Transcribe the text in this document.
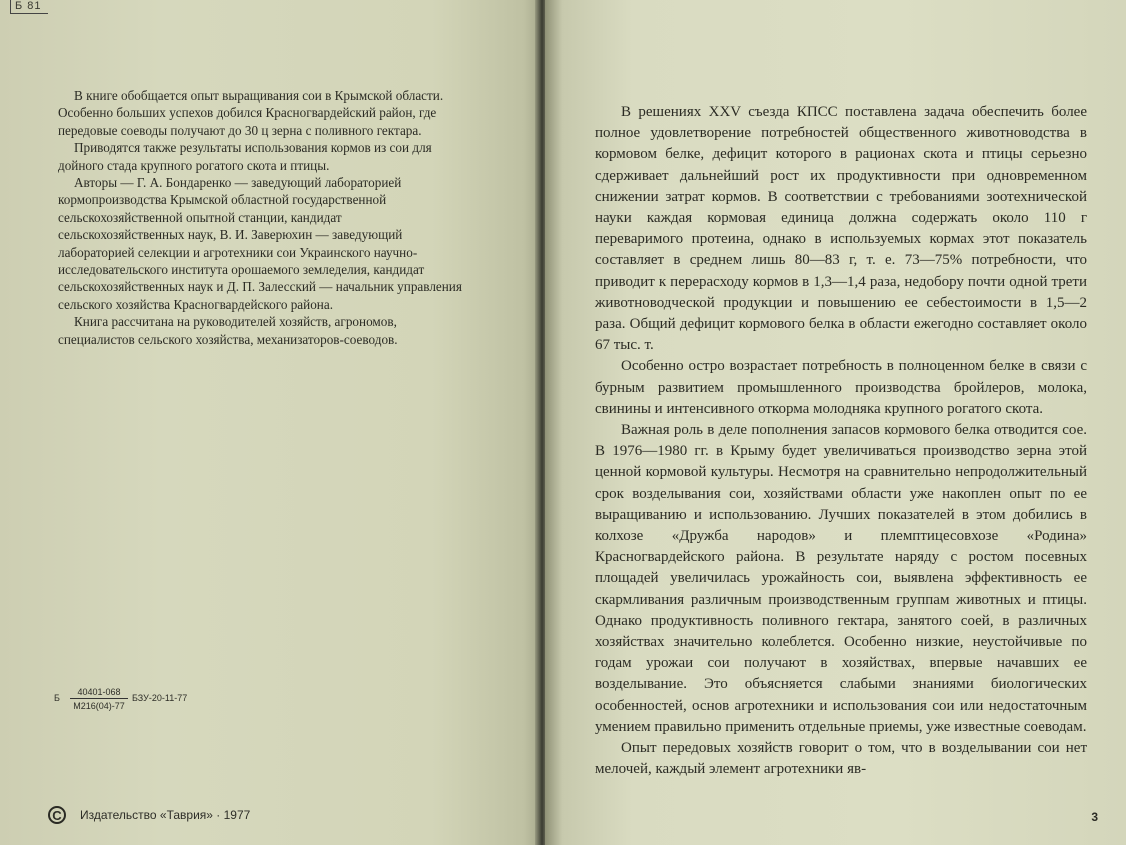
Б 81

В книге обобщается опыт выращивания сои в Крымской области. Особенно больших успехов добился Красногвардейский район, где передовые соеводы получают до 30 ц зерна с поливного гектара.

Приводятся также результаты использования кормов из сои для дойного стада крупного рогатого скота и птицы.

Авторы — Г. А. Бондаренко — заведующий лабораторией кормопроизводства Крымской областной государственной сельскохозяйственной опытной станции, кандидат сельскохозяйственных наук, В. И. Заверюхин — заведующий лабораторией селекции и агротехники сои Украинского научно-исследовательского института орошаемого земледелия, кандидат сельскохозяйственных наук и Д. П. Залесский — начальник управления сельского хозяйства Красногвардейского района.

Книга рассчитана на руководителей хозяйств, агрономов, специалистов сельского хозяйства, механизаторов-соеводов.

Б
40401-068
М216(04)-77
БЗУ-20-11-77
C	Издательство «Таврия» · 1977

В решениях XXV съезда КПСС поставлена задача обеспечить более полное удовлетворение потребностей общественного животноводства в кормовом белке, дефицит которого в рационах скота и птицы серьезно сдерживает дальнейший рост их продуктивности при одновременном снижении затрат кормов. В соответствии с требованиями зоотехнической науки каждая кормовая единица должна содержать около 110 г переваримого протеина, однако в используемых кормах этот показатель составляет в среднем лишь 80—83 г, т. е. 73—75% потребности, что приводит к перерасходу кормов в 1,3—1,4 раза, недобору почти одной трети животноводческой продукции и повышению ее себестоимости в 1,5—2 раза. Общий дефицит кормового белка в области ежегодно составляет около 67 тыс. т.

Особенно остро возрастает потребность в полноценном белке в связи с бурным развитием промышленного производства бройлеров, молока, свинины и интенсивного откорма молодняка крупного рогатого скота.

Важная роль в деле пополнения запасов кормового белка отводится сое. В 1976—1980 гг. в Крыму будет увеличиваться производство зерна этой ценной кормовой культуры. Несмотря на сравнительно непродолжительный срок возделывания сои, хозяйствами области уже накоплен опыт по ее выращиванию и использованию. Лучших показателей в этом добились в колхозе «Дружба народов» и племптицесовхозе «Родина» Красногвардейского района. В результате наряду с ростом посевных площадей увеличилась урожайность сои, выявлена эффективность ее скармливания различным производственным группам животных и птицы. Однако продуктивность поливного гектара, занятого соей, в различных хозяйствах значительно колеблется. Особенно низкие, неустойчивые по годам урожаи сои получают в хозяйствах, впервые начавших ее возделывание. Это объясняется слабыми знаниями биологических особенностей, основ агротехники и использования сои или недостаточным умением правильно применить отдельные приемы, уже известные соеводам.

Опыт передовых хозяйств говорит о том, что в возделывании сои нет мелочей, каждый элемент агротехники яв-

3
